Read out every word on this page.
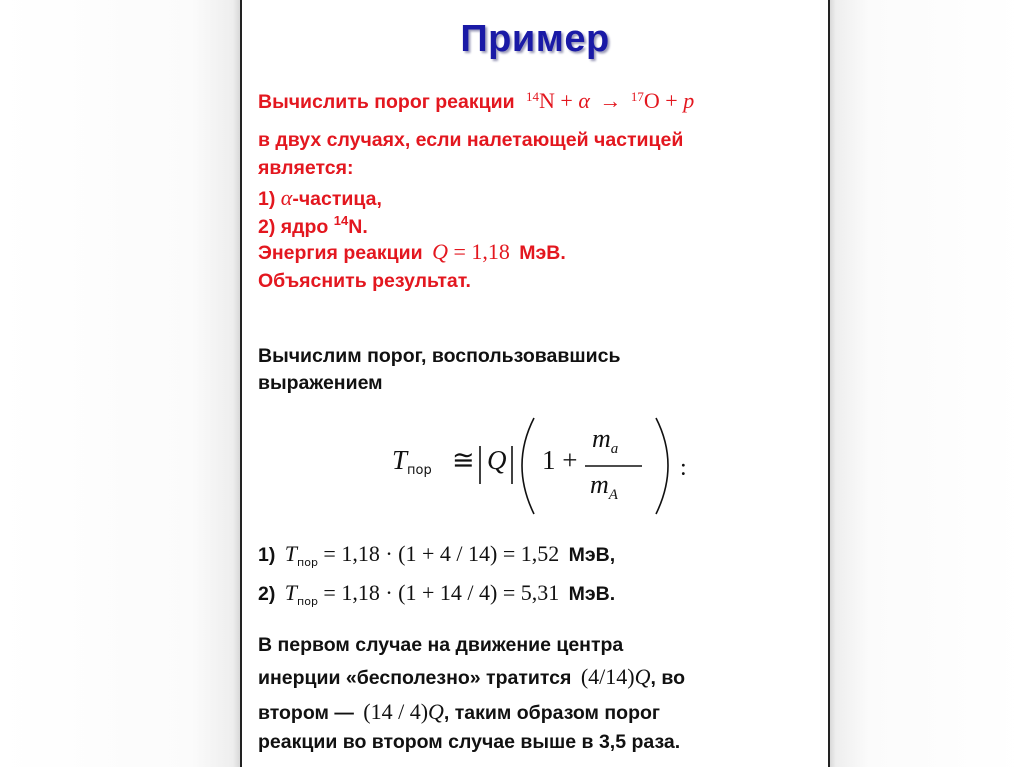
Пример
Вычислить порог реакции $^{14}$N + α → $^{17}$O + p
в двух случаях, если налетающей частицей
является:
1) α-частица,
2) ядро $^{14}$N.
Энергия реакции Q = 1,18 МэВ.
Объяснить результат.
Вычислим порог, воспользовавшись
выражением
Tпор ≅ Q 1 +
$m_a$
$m_A$
:
1) $T_{пор} = 1,18 \cdot (1 + 4 / 14) = 1,52$ МэВ,
2) $T_{пор} = 1,18 \cdot (1 + 14 / 4) = 5,31$ МэВ.
В первом случае на движение центра
инерции «бесполезно» тратится (4/14)Q, во
втором — (14 / 4)Q, таким образом порог
реакции во втором случае выше в 3,5 раза.
